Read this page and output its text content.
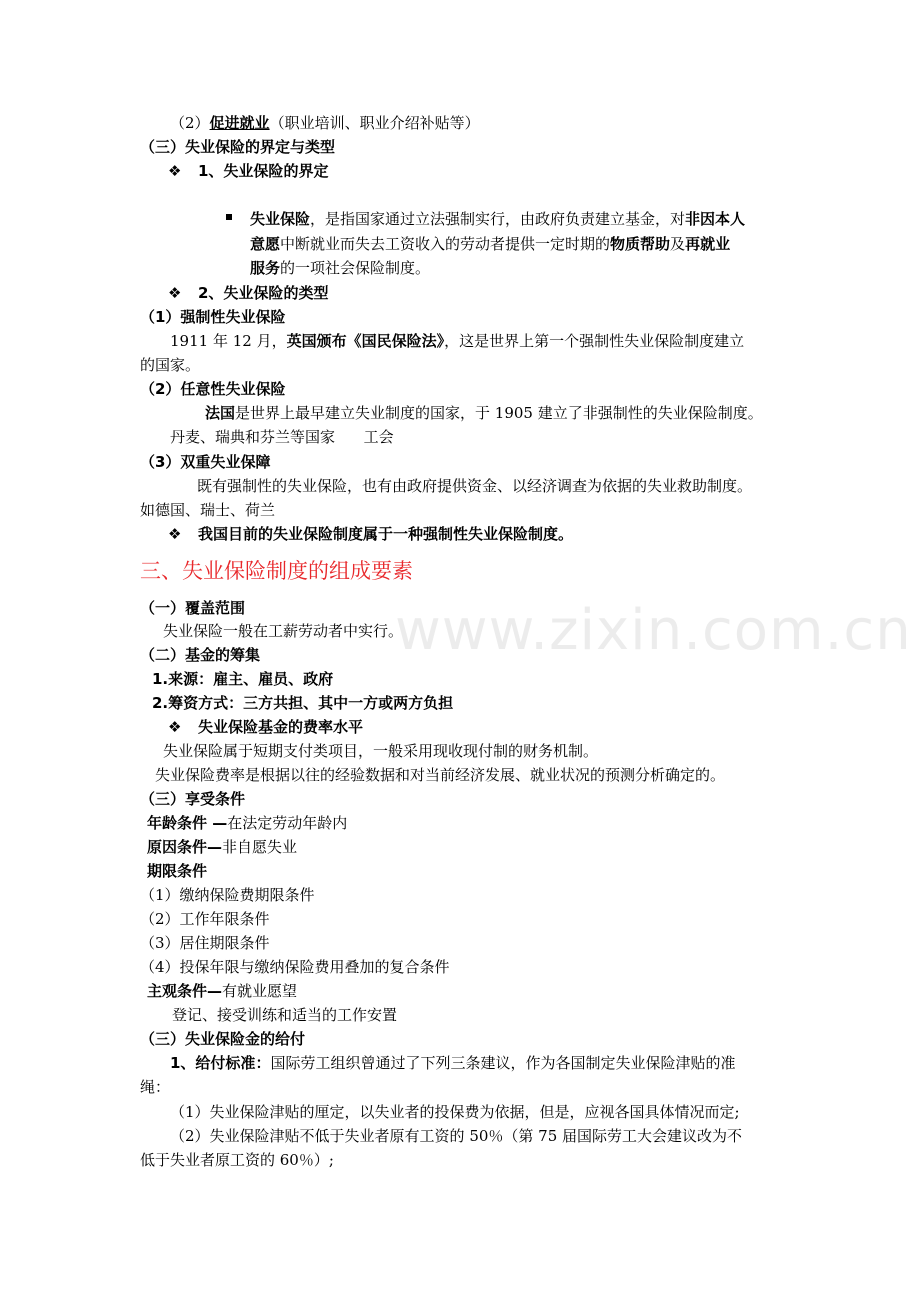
www.zixin.com.cn
（2）促进就业（职业培训、职业介绍补贴等）
（三）失业保险的界定与类型
❖ 1、失业保险的界定
失业保险，是指国家通过立法强制实行，由政府负责建立基金，对非因本人
意愿中断就业而失去工资收入的劳动者提供一定时期的物质帮助及再就业
服务的一项社会保险制度。
❖ 2、失业保险的类型
（1）强制性失业保险
1911 年 12 月，英国颁布《国民保险法》，这是世界上第一个强制性失业保险制度建立
的国家。
（2）任意性失业保险
法国是世界上最早建立失业制度的国家，于 1905 建立了非强制性的失业保险制度。
丹麦、瑞典和芬兰等国家      工会
（3）双重失业保障
既有强制性的失业保险，也有由政府提供资金、以经济调查为依据的失业救助制度。
如德国、瑞士、荷兰
❖ 我国目前的失业保险制度属于一种强制性失业保险制度。
三、失业保险制度的组成要素
（一）覆盖范围
失业保险一般在工薪劳动者中实行。
（二）基金的筹集
1.来源：雇主、雇员、政府
2.筹资方式：三方共担、其中一方或两方负担
❖ 失业保险基金的费率水平
失业保险属于短期支付类项目，一般采用现收现付制的财务机制。
失业保险费率是根据以往的经验数据和对当前经济发展、就业状况的预测分析确定的。
（三）享受条件
年龄条件 —在法定劳动年龄内
原因条件—非自愿失业
期限条件
（1）缴纳保险费期限条件
（2）工作年限条件
（3）居住期限条件
（4）投保年限与缴纳保险费用叠加的复合条件
主观条件—有就业愿望
登记、接受训练和适当的工作安置
（三）失业保险金的给付
1、给付标准：国际劳工组织曾通过了下列三条建议，作为各国制定失业保险津贴的准
绳：
（1）失业保险津贴的厘定，以失业者的投保费为依据，但是，应视各国具体情况而定;
（2）失业保险津贴不低于失业者原有工资的 50％（第 75 届国际劳工大会建议改为不
低于失业者原工资的 60％）;
